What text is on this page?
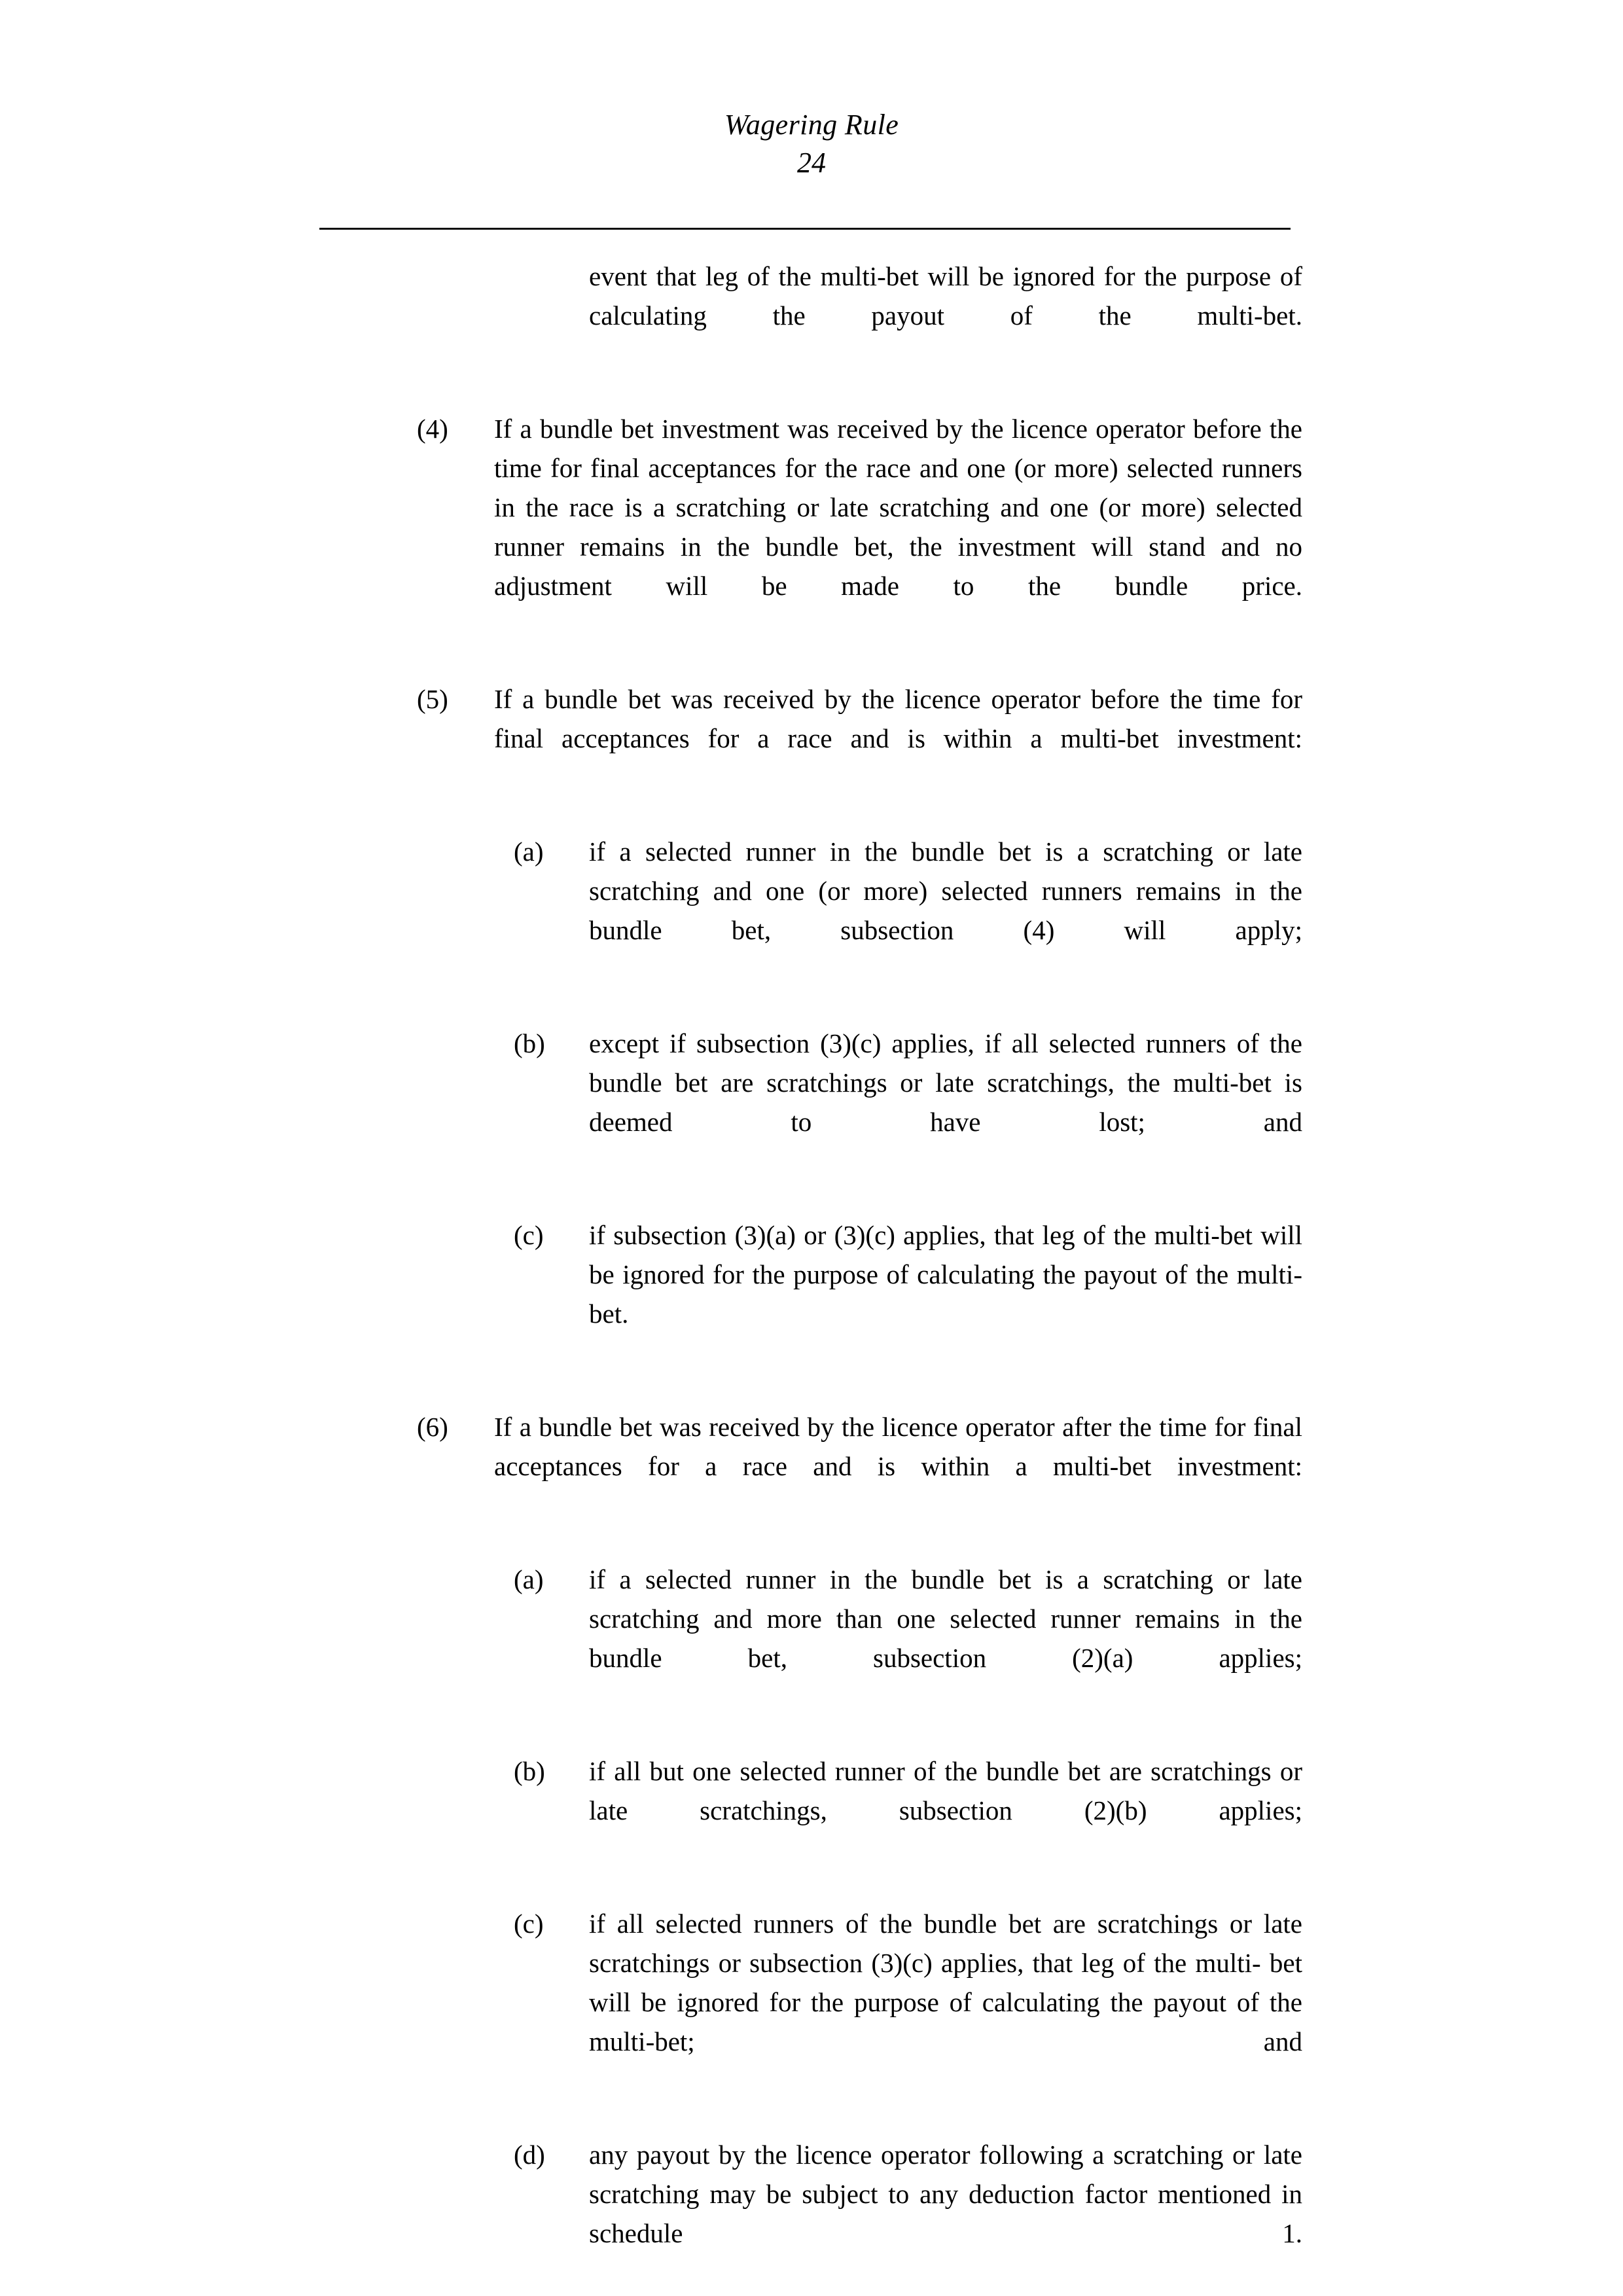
Wagering Rule
24
event that leg of the multi-bet will be ignored for the purpose of calculating the payout of the multi-bet.
(4) If a bundle bet investment was received by the licence operator before the time for final acceptances for the race and one (or more) selected runners in the race is a scratching or late scratching and one (or more) selected runner remains in the bundle bet, the investment will stand and no adjustment will be made to the bundle price.
(5) If a bundle bet was received by the licence operator before the time for final acceptances for a race and is within a multi-bet investment:
(a) if a selected runner in the bundle bet is a scratching or late scratching and one (or more) selected runners remains in the bundle bet, subsection (4) will apply;
(b) except if subsection (3)(c) applies, if all selected runners of the bundle bet are scratchings or late scratchings, the multi-bet is deemed to have lost; and
(c) if subsection (3)(a) or (3)(c) applies, that leg of the multi-bet will be ignored for the purpose of calculating the payout of the multi-bet.
(6) If a bundle bet was received by the licence operator after the time for final acceptances for a race and is within a multi-bet investment:
(a) if a selected runner in the bundle bet is a scratching or late scratching and more than one selected runner remains in the bundle bet, subsection (2)(a) applies;
(b) if all but one selected runner of the bundle bet are scratchings or late scratchings, subsection (2)(b) applies;
(c) if all selected runners of the bundle bet are scratchings or late scratchings or subsection (3)(c) applies, that leg of the multi- bet will be ignored for the purpose of calculating the payout of the multi-bet; and
(d) any payout by the licence operator following a scratching or late scratching may be subject to any deduction factor mentioned in schedule 1.
